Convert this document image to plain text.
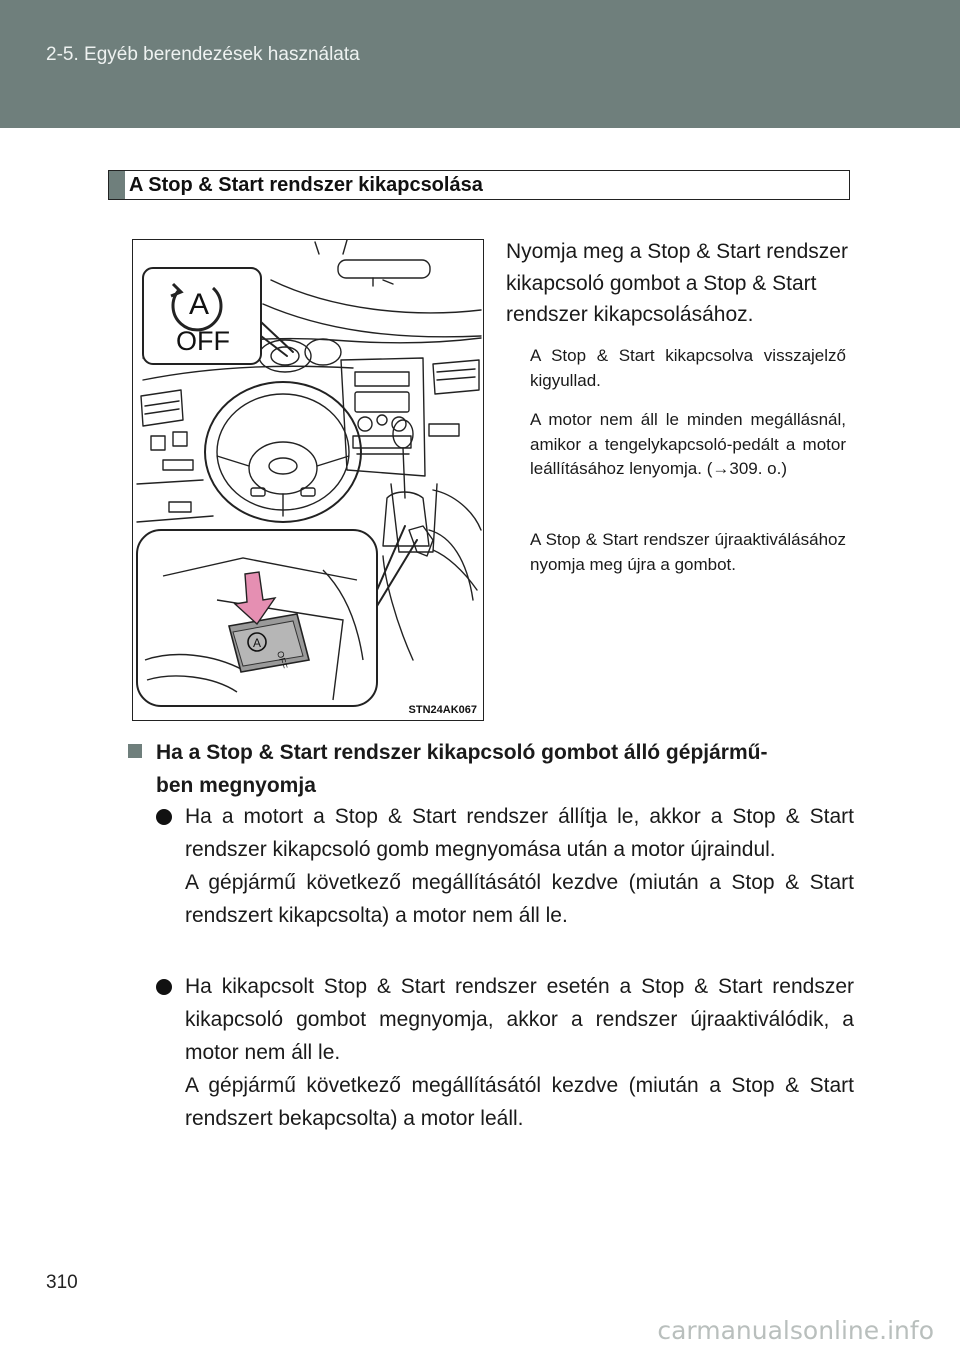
2-5. Egyéb berendezések használata
A Stop & Start rendszer kikapcsolása
A
OFF
A
OFF
STN24AK067
Nyomja meg a Stop & Start rendszer kikapcsoló gombot a Stop & Start rendszer kikapcsolásához.
A Stop & Start kikapcsolva visszajelző kigyullad.
A motor nem áll le minden megállásnál, amikor a tengelykapcsoló-pedált a motor leállításához lenyomja. (→309. o.)
A Stop & Start rendszer újraaktiválásához nyomja meg újra a gombot.
Ha a Stop & Start rendszer kikapcsoló gombot álló gépjármű-
ben megnyomja

Ha a motort a Stop & Start rendszer állítja le, akkor a Stop & Start rendszer kikapcsoló gomb megnyomása után a motor újraindul.

A gépjármű következő megállításától kezdve (miután a Stop & Start rendszert kikapcsolta) a motor nem áll le.

Ha kikapcsolt Stop & Start rendszer esetén a Stop & Start rendszer kikapcsoló gombot megnyomja, akkor a rendszer újraaktiválódik, a motor nem áll le.

A gépjármű következő megállításától kezdve (miután a Stop & Start rendszert bekapcsolta) a motor leáll.

310
carmanualsonline.info
